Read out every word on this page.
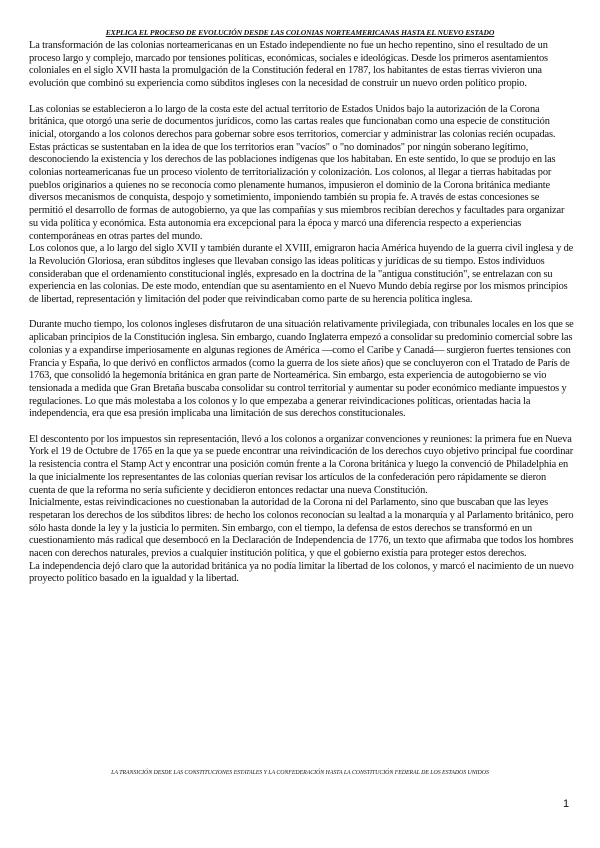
EXPLICA EL PROCESO DE EVOLUCIÓN DESDE LAS COLONIAS NORTEAMERICANAS HASTA EL NUEVO ESTADO

La transformación de las colonias norteamericanas en un Estado independiente no fue un hecho repentino, sino el resultado de un proceso largo y complejo, marcado por tensiones políticas, económicas, sociales e ideológicas. Desde los primeros asentamientos coloniales en el siglo XVII hasta la promulgación de la Constitución federal en 1787, los habitantes de estas tierras vivieron una evolución que combinó su experiencia como súbditos ingleses con la necesidad de construir un nuevo orden político propio.

Las colonias se establecieron a lo largo de la costa este del actual territorio de Estados Unidos bajo la autorización de la Corona británica, que otorgó una serie de documentos jurídicos, como las cartas reales que funcionaban como una especie de constitución inicial, otorgando a los colonos derechos para gobernar sobre esos territorios, comerciar y administrar las colonias recién ocupadas.

Estas prácticas se sustentaban en la idea de que los territorios eran "vacíos" o "no dominados" por ningún soberano legítimo, desconociendo la existencia y los derechos de las poblaciones indígenas que los habitaban. En este sentido, lo que se produjo en las colonias norteamericanas fue un proceso violento de territorialización y colonización. Los colonos, al llegar a tierras habitadas por pueblos originarios a quienes no se reconocía como plenamente humanos, impusieron el dominio de la Corona británica mediante diversos mecanismos de conquista, despojo y sometimiento, imponiendo también su propia fe. A través de estas concesiones se permitió el desarrollo de formas de autogobierno, ya que las compañías y sus miembros recibían derechos y facultades para organizar su vida política y económica. Esta autonomía era excepcional para la época y marcó una diferencia respecto a experiencias contemporáneas en otras partes del mundo.

Los colonos que, a lo largo del siglo XVII y también durante el XVIII, emigraron hacia América huyendo de la guerra civil inglesa y de la Revolución Gloriosa, eran súbditos ingleses que llevaban consigo las ideas políticas y jurídicas de su tiempo. Estos individuos consideraban que el ordenamiento constitucional inglés, expresado en la doctrina de la "antigua constitución", se entrelazan con su experiencia en las colonias. De este modo, entendían que su asentamiento en el Nuevo Mundo debía regirse por los mismos principios de libertad, representación y limitación del poder que reivindicaban como parte de su herencia política inglesa.

Durante mucho tiempo, los colonos ingleses disfrutaron de una situación relativamente privilegiada, con tribunales locales en los que se aplicaban principios de la Constitución inglesa. Sin embargo, cuando Inglaterra empezó a consolidar su predominio comercial sobre las colonias y a expandirse imperiosamente en algunas regiones de América —como el Caribe y Canadá— surgieron fuertes tensiones con Francia y España, lo que derivó en conflictos armados (como la guerra de los siete años) que se concluyeron con el Tratado de París de 1763, que consolidó la hegemonía británica en gran parte de Norteamérica. Sin embargo, esta experiencia de autogobierno se vio tensionada a medida que Gran Bretaña buscaba consolidar su control territorial y aumentar su poder económico mediante impuestos y regulaciones. Lo que más molestaba a los colonos y lo que empezaba a generar reivindicaciones políticas, orientadas hacia la independencia, era que esa presión implicaba una limitación de sus derechos constitucionales.

El descontento por los impuestos sin representación, llevó a los colonos a organizar convenciones y reuniones: la primera fue en Nueva York el 19 de Octubre de 1765 en la que ya se puede encontrar una reivindicación de los derechos cuyo objetivo principal fue coordinar la resistencia contra el Stamp Act y encontrar una posición común frente a la Corona británica y luego la convenció de Philadelphia en la que inicialmente los representantes de las colonias querían revisar los artículos de la confederación pero rápidamente se dieron cuenta de que la reforma no sería suficiente y decidieron entonces redactar una nueva Constitución.

Inicialmente, estas reivindicaciones no cuestionaban la autoridad de la Corona ni del Parlamento, sino que buscaban que las leyes respetaran los derechos de los súbditos libres: de hecho los colonos reconocían su lealtad a la monarquía y al Parlamento británico, pero sólo hasta donde la ley y la justicia lo permiten. Sin embargo, con el tiempo, la defensa de estos derechos se transformó en un cuestionamiento más radical que desembocó en la Declaración de Independencia de 1776, un texto que afirmaba que todos los hombres nacen con derechos naturales, previos a cualquier institución política, y que el gobierno existía para proteger estos derechos.

La independencia dejó claro que la autoridad británica ya no podía limitar la libertad de los colonos, y marcó el nacimiento de un nuevo proyecto político basado en la igualdad y la libertad.

LA TRANSICIÓN DESDE LAS CONSTITUCIONES ESTATALES Y LA CONFEDERACIÓN HASTA LA CONSTITUCIÓN FEDERAL DE LOS ESTADOS UNIDOS
1
